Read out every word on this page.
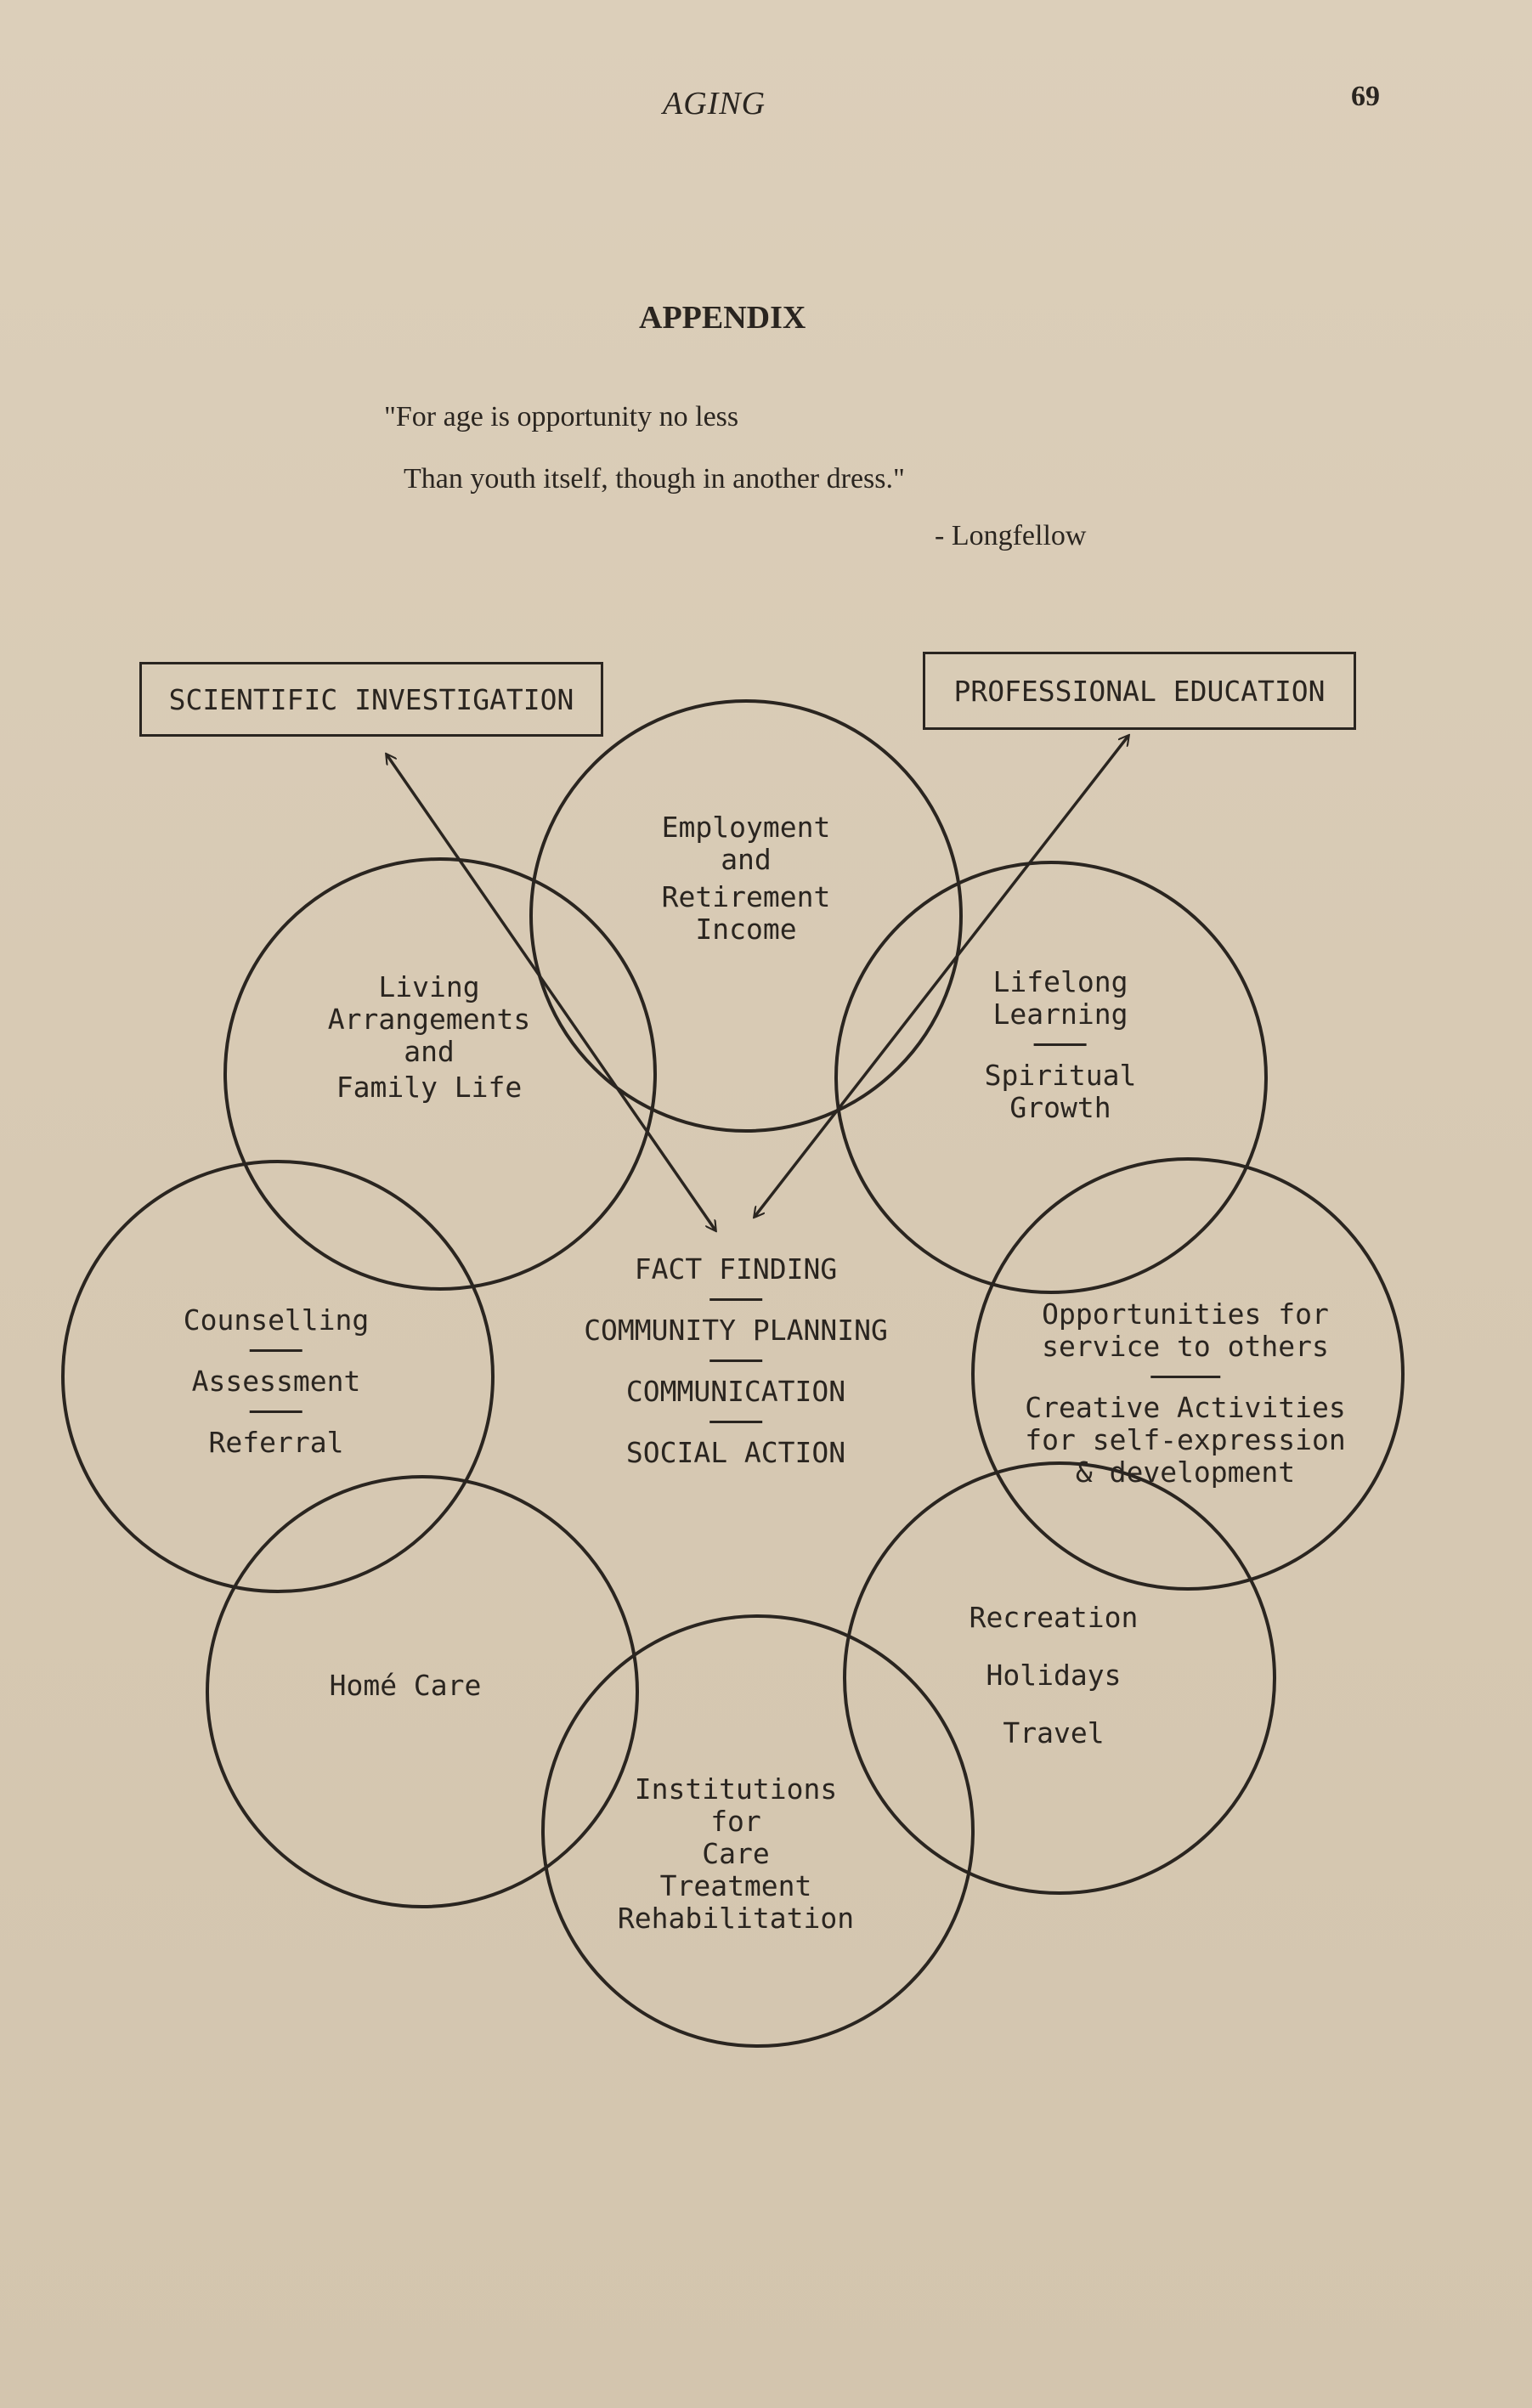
AGING	69
APPENDIX
"For age is opportunity no less
Than youth itself, though in another dress."
- Longfellow
SCIENTIFIC INVESTIGATION	PROFESSIONAL EDUCATION
Employment
and
Retirement
Income
Living
Arrangements
and
Family Life
Lifelong
Learning
Spiritual
Growth
Counselling
Assessment
Referral
Opportunities for
service to others
Creative Activities
for self-expression
& development
FACT FINDING
COMMUNITY PLANNING
COMMUNICATION
SOCIAL ACTION
Homé Care
Recreation
Holidays
Travel
Institutions
for
Care
Treatment
Rehabilitation
